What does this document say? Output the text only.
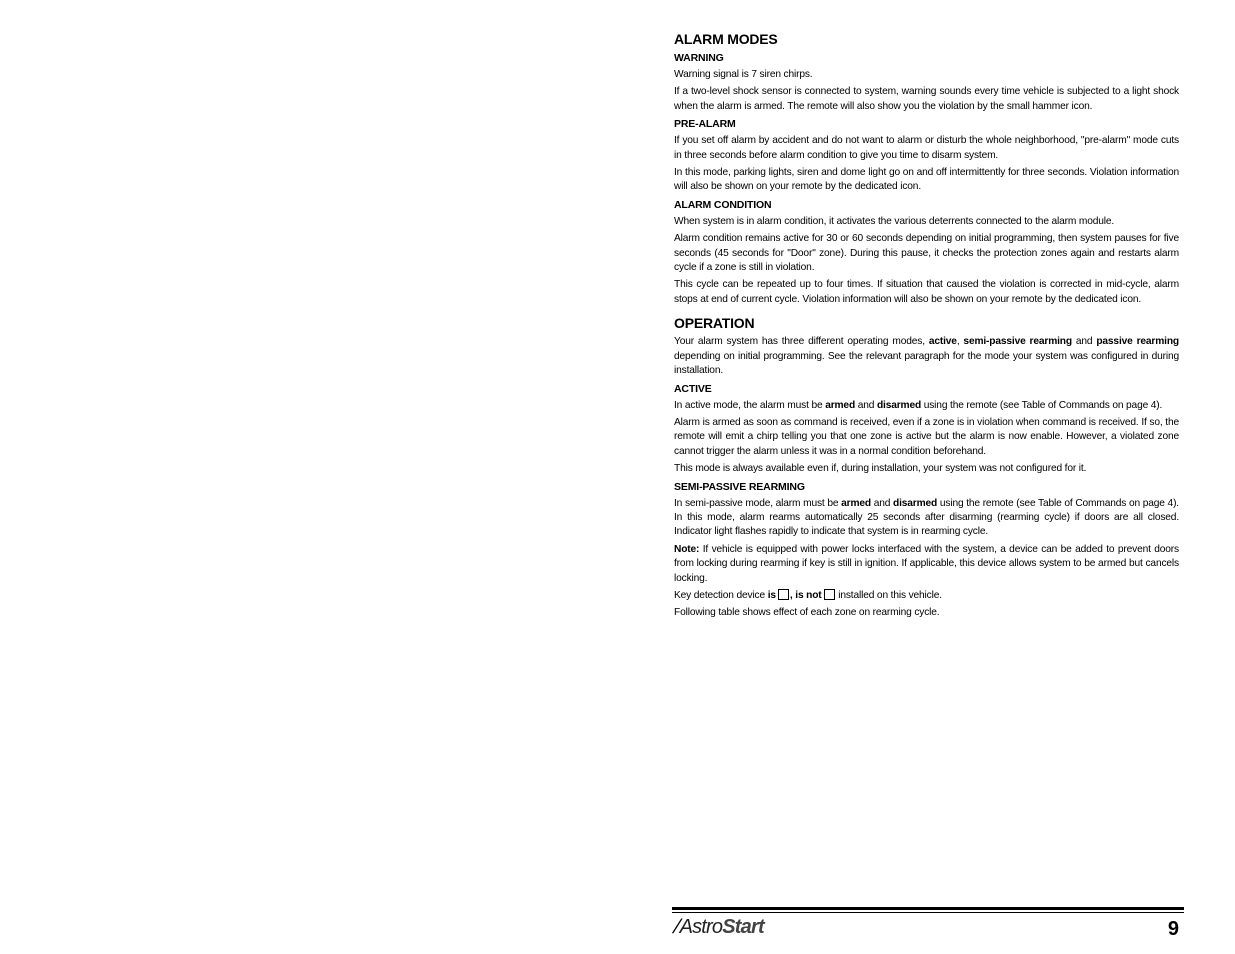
ALARM MODES
WARNING

Warning signal is 7 siren chirps.

If a two-level shock sensor is connected to system, warning sounds every time vehicle is subjected to a light shock when the alarm is armed. The remote will also show you the violation by the small hammer icon.

PRE-ALARM

If you set off alarm by accident and do not want to alarm or disturb the whole neighborhood, "pre-alarm" mode cuts in three seconds before alarm condition to give you time to disarm system.

In this mode, parking lights, siren and dome light go on and off intermittently for three seconds. Violation information will also be shown on your remote by the dedicated icon.

ALARM CONDITION

When system is in alarm condition, it activates the various deterrents connected to the alarm module.

Alarm condition remains active for 30 or 60 seconds depending on initial programming, then system pauses for five seconds (45 seconds for "Door" zone). During this pause, it checks the protection zones again and restarts alarm cycle if a zone is still in violation.

This cycle can be repeated up to four times. If situation that caused the violation is corrected in mid-cycle, alarm stops at end of current cycle. Violation information will also be shown on your remote by the dedicated icon.

OPERATION

Your alarm system has three different operating modes, active, semi-passive rearming and passive rearming depending on initial programming. See the relevant paragraph for the mode your system was configured in during installation.

ACTIVE

In active mode, the alarm must be armed and disarmed using the remote (see Table of Commands on page 4).

Alarm is armed as soon as command is received, even if a zone is in violation when command is received. If so, the remote will emit a chirp telling you that one zone is active but the alarm is now enable. However, a violated zone cannot trigger the alarm unless it was in a normal condition beforehand.

This mode is always available even if, during installation, your system was not configured for it.

SEMI-PASSIVE REARMING

In semi-passive mode, alarm must be armed and disarmed using the remote (see Table of Commands on page 4). In this mode, alarm rearms automatically 25 seconds after disarming (rearming cycle) if doors are all closed. Indicator light flashes rapidly to indicate that system is in rearming cycle.

Note: If vehicle is equipped with power locks interfaced with the system, a device can be added to prevent doors from locking during rearming if key is still in ignition. If applicable, this device allows system to be armed but cancels locking.

Key detection device is , is not installed on this vehicle.

Following table shows effect of each zone on rearming cycle.

/AstroStart	9
